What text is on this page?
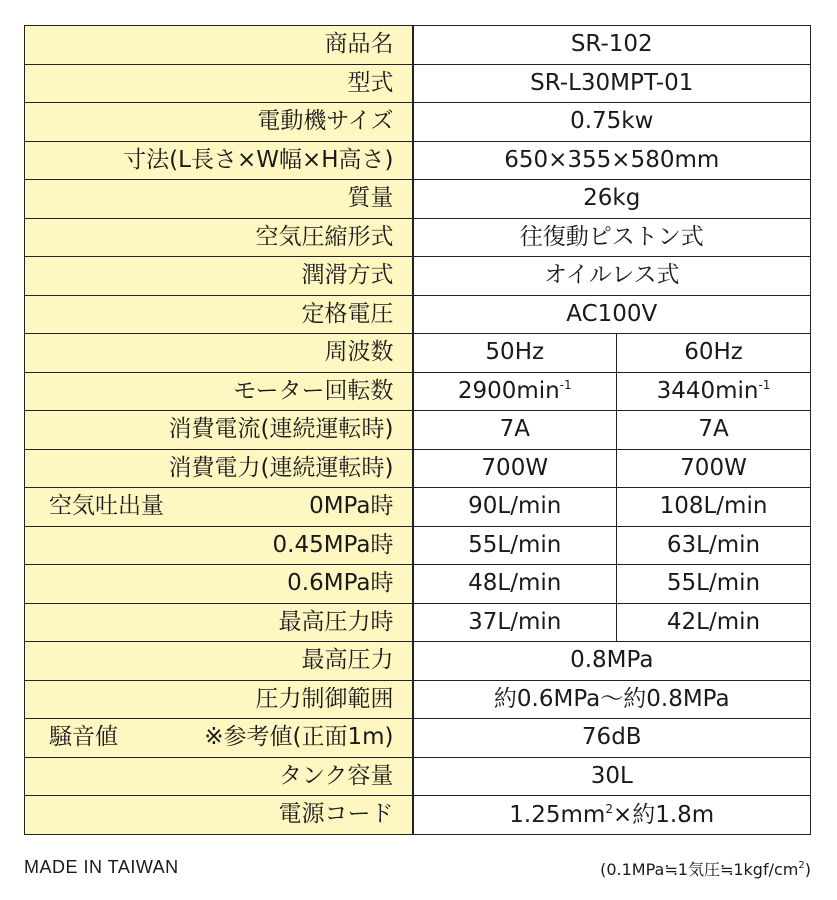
商品名	SR-102	
型式	SR-L30MPT-01	
電動機サイズ	0.75kw	
寸法(L長さ×W幅×H高さ)	650×355×580mm	
質量	26kg	
空気圧縮形式	往復動ピストン式	
潤滑方式	オイルレス式	
定格電圧	AC100V	
周波数	50Hz	60Hz
モーター回転数	$2900\min^{-1}$	$3440\min^{-1}$
消費電流(連続運転時)	7A	7A
消費電力(連続運転時)	700W	700W

空気吐出量 0MPa時	90L/min	108L/min
0.45MPa時	55L/min	63L/min
0.6MPa時	48L/min	55L/min
最高圧力時	37L/min	42L/min
最高圧力	0.8MPa	
圧力制御範囲	約0.6MPa〜約0.8MPa	

騒音値 ※参考値(正面1m)	76dB	
タンク容量	30L	
電源コード	$1.25mm^2\times$約1.8m	
MADE IN TAIWAN	(0.1MPa≒1気圧$≒1kgf/cm^2$)
